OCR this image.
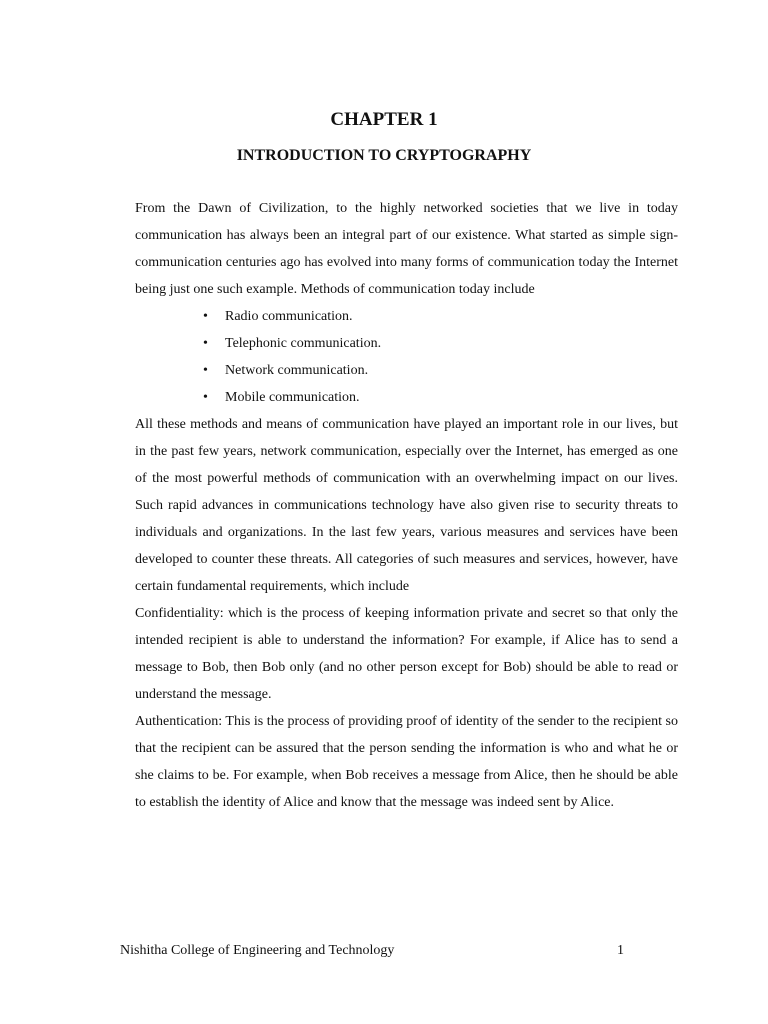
CHAPTER 1
INTRODUCTION TO CRYPTOGRAPHY

From the Dawn of Civilization, to the highly networked societies that we live in today communication has always been an integral part of our existence. What started as simple sign-communication centuries ago has evolved into many forms of communication today the Internet being just one such example. Methods of communication today include

• Radio communication.
• Telephonic communication.
• Network communication.
• Mobile communication.

All these methods and means of communication have played an important role in our lives, but in the past few years, network communication, especially over the Internet, has emerged as one of the most powerful methods of communication with an overwhelming impact on our lives. Such rapid advances in communications technology have also given rise to security threats to individuals and organizations. In the last few years, various measures and services have been developed to counter these threats. All categories of such measures and services, however, have certain fundamental requirements, which include

Confidentiality: which is the process of keeping information private and secret so that only the intended recipient is able to understand the information? For example, if Alice has to send a message to Bob, then Bob only (and no other person except for Bob) should be able to read or understand the message.

Authentication: This is the process of providing proof of identity of the sender to the recipient so that the recipient can be assured that the person sending the information is who and what he or she claims to be. For example, when Bob receives a message from Alice, then he should be able to establish the identity of Alice and know that the message was indeed sent by Alice.

Nishitha College of Engineering and Technology	1
